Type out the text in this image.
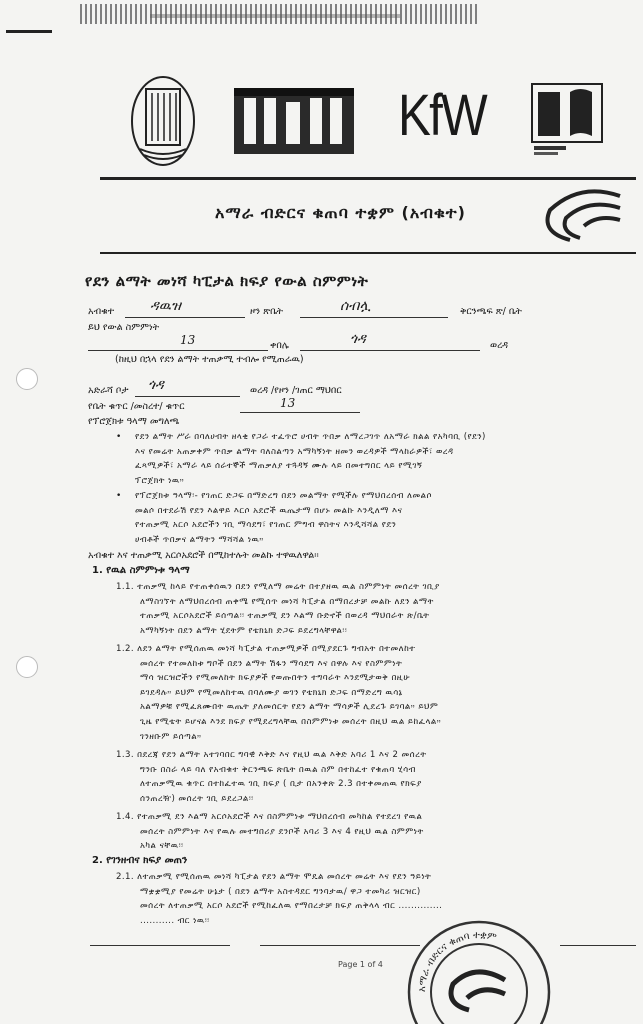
KfW
አማራ ብድርና ቁጠባ ተቋም (አብቁተ)
የደን ልማት መነሻ ካፒታል ክፍያ የውል ስምምነት
አብቁተ	ዳዉዝ	ዞን ጽቤት	ሰብሏ	ቅርንጫፍ ጽ/ ቤት
ይህ የውል ስምምነት
13	ቀበሌ	ጎዳ	ወረዳ
(ከዚህ በኋላ የደን ልማት ተጠቃሚ ተብሎ የሚጠራዉ)
አድራሻ ቦታ ጎዳ	ወረዳ /የዞን /ገጠር ማህበር
የቤት ቁጥር /መስረተ/ ቁጥር	13
የፕሮጀክቱ ዓላማ መግለጫ
• የደን ልማት ሥራ በባለሀብት ዘላቂ የጋራ ተፈጥሮ ሀብት ጥበቃ ለማረጋገጥ ለአማራ ክልል የአካባቢ (የደን)
እና የመሬት አጠቃቀም ጥበቃ ልማት ባለስልጣን አማካኝነት ዘመን ወረዳዎች ማላከራዎች፣ ወረዳ
ፈጻሚዎች፣ አማራ ላይ ሰራተኞች ማጠቃለያ ተጓዳኝ ሙሉ ላይ በመተግበር ላይ የሚገኝ
ፕሮጀክት ነዉ።
• የፕሮጀክቱ ዓላማ፡- የገጠር ድጋፍ በማድረግ በደን መልማት የሚችሉ የማህበረሰብ ለመልሶ
መልሶ በተደራሽ የደን እልዋይ እርሶ አደሮች ዉጤታማ በሆኑ መልኩ እንዲለማ እና
የተጠቃሚ አርሶ አደሮችን ገቢ ማሳደግ፣ የገጠር ምግብ ዋስትና እንዲሻሻል የደን
ሀብቶች ጥበቃና ልማትን ማሻሻል ነዉ።
አብቁተ እና ተጠቃሚ አርሶአደሮች በሚከተሉት መልኩ ተዋዉለዋል።
1. የዉል ስምምነቱ ዓላማ
1.1. ተጠቃሚ ከላይ የተጠቀሰዉን በደን የሚለማ መሬት በተያዘዉ ዉል ስምምነት መሰረት ገቢያ
ለማስገኘት ለማህበረሰብ ጠቀሜ የሚሰጥ መነሻ ካፒታል በማበረታቻ መልኩ ለደን ልማት
ተጠቃሚ አርሶአደሮች ይሰጣል፡፡ ተጠቃሚ ደን እልማ ቡድኖች በወረዳ ማህበራት ጽ/ቤት
አማካኝነት በደን ልማት ሂደትም የቴክኒክ ድጋፍ ይደረግላቸዋል፡፡
1.2. ለደን ልማት የሚሰጠዉ መነሻ ካፒታል ተጠቃሚዎች በሚያደርጉ ግብአት በተመለከተ
መሰረት የተመለከቱ ግቦች በደን ልማት ሽፋን ማሳደግ እና በዋሉ እና የስምምነት
ማሳ ዝርዝሮችን የሚመለከት ክፍያዎች የወጡበትን ተግባራት እንደሚታወቅ በዚሁ
ይገደዳሉ። ይህም የሚመለከተዉ በባለሙያ ወገን የቴክኒክ ድጋፍ በማድረግ ዉሳኔ
አልማዎቹ የሚፈጸሙበት ዉጤት ያለመሰርት የደን ልማት ማሳዎች ሊደረጉ ይገባል። ይህም
ጊዜ የሚቴት ይሆናል እንደ ክፍያ የሚደረግላቸዉ በስምምነቱ መሰረት በዚህ ዉል ይከፈላል።
ገንዘቡም ይሰጣል።
1.3. በደረጃ የደን ልማት አተገባበር ግባዊ እቅድ እና የዚህ ዉል እቅድ አባሪ 1 እና 2 መሰረት
ግንቡ በስራ ላይ ባለ የአብቁተ ቅርንጫፍ ጽቤት በዉል ስም በተከፈተ የቁጠባ ሂሳብ
ለተጠቃሚዉ ቁጥር በተከፈተዉ ገቢ ክፍያ ( ቢታ በአንቀጽ 2.3 በተቀመጠዉ የክፍያ
ሰንጠረዥ) መሰረት ገቢ ይደረጋል፡፡
1.4. የተጠቃሚ ደን እልማ አርሶአደሮች እና በስምምነቱ ማህበረሰብ መካከል የተደረገ የዉል
መሰረት ስምምነት እና የዉሉ መተግበሪያ ደንቦች አባሪ 3 እና 4 የዚህ ዉል ስምምነት
አካል ናቸዉ፡፡
2. የገንዘብና ክፍያ መጠን
2.1. ለተጠቃሚ የሚሰጠዉ መነሻ ካፒታል የደን ልማት ሞዴል መሰረት መሬት እና የደን ዓይነት
ማቋቋሚያ የመሬት ሁኔታ ( በደን ልማት አስተዳደር ግንባታዉ/ ዋጋ ተመካሪ ዝርዝር)
መሰረት ለተጠቃሚ አርሶ አደሮች የሚከፈለዉ የማበረታቻ ክፍያ ጠቅላላ ብር ..............
........... ብር ነዉ፡፡
Page 1 of 4
አማራ ብድርና ቁጠባ ተቋም
